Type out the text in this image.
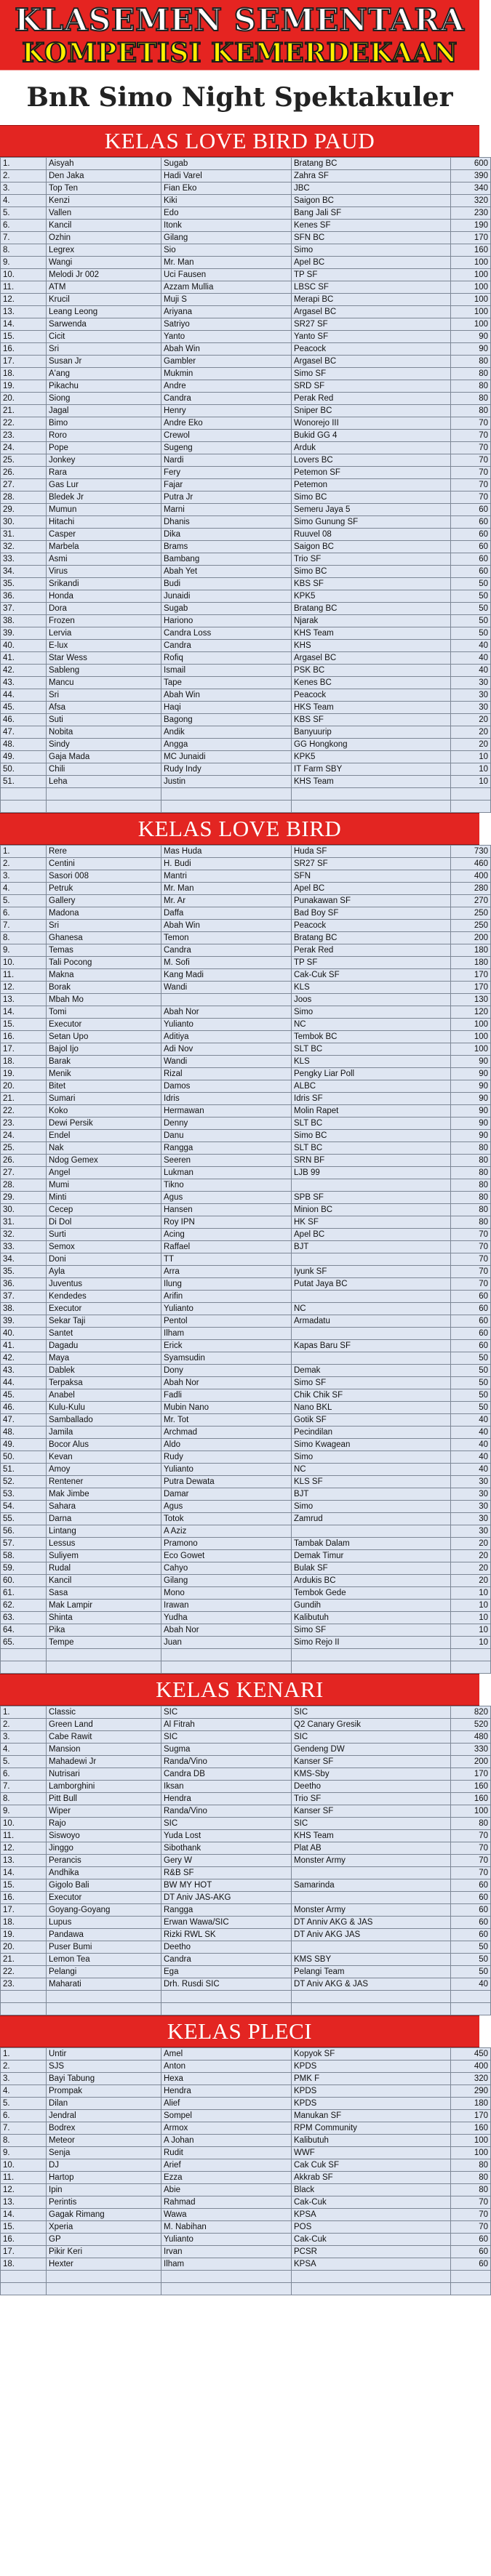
KLASEMEN SEMENTARA
KOMPETISI KEMERDEKAAN
BnR Simo Night Spektakuler
KELAS LOVE BIRD PAUD
1.	Aisyah	Sugab	Bratang BC	600
2.	Den Jaka	Hadi Varel	Zahra SF	390
3.	Top Ten	Fian Eko	JBC	340
4.	Kenzi	Kiki	Saigon BC	320
5.	Vallen	Edo	Bang Jali SF	230
6.	Kancil	Itonk	Kenes SF	190
7.	Ozhin	Gilang	SFN BC	170
8.	Legrex	Sio	Simo	160
9.	Wangi	Mr. Man	Apel BC	100
10.	Melodi Jr 002	Uci Fausen	TP SF	100
11.	ATM	Azzam Mullia	LBSC SF	100
12.	Krucil	Muji S	Merapi BC	100
13.	Leang Leong	Ariyana	Argasel BC	100
14.	Sarwenda	Satriyo	SR27 SF	100
15.	Cicit	Yanto	Yanto SF	90
16.	Sri	Abah Win	Peacock	90
17.	Susan Jr	Gambler	Argasel BC	80
18.	A'ang	Mukmin	Simo SF	80
19.	Pikachu	Andre	SRD SF	80
20.	Siong	Candra	Perak Red	80
21.	Jagal	Henry	Sniper BC	80
22.	Bimo	Andre Eko	Wonorejo III	70
23.	Roro	Crewol	Bukid GG 4	70
24.	Pope	Sugeng	Arduk	70
25.	Jonkey	Nardi	Lovers BC	70
26.	Rara	Fery	Petemon SF	70
27.	Gas Lur	Fajar	Petemon	70
28.	Bledek Jr	Putra Jr	Simo BC	70
29.	Mumun	Marni	Semeru Jaya 5	60
30.	Hitachi	Dhanis	Simo Gunung SF	60
31.	Casper	Dika	Ruuvel 08	60
32.	Marbela	Brams	Saigon BC	60
33.	Asmi	Bambang	Trio SF	60
34.	Virus	Abah Yet	Simo BC	60
35.	Srikandi	Budi	KBS SF	50
36.	Honda	Junaidi	KPK5	50
37.	Dora	Sugab	Bratang BC	50
38.	Frozen	Hariono	Njarak	50
39.	Lervia	Candra Loss	KHS Team	50
40.	E-lux	Candra	KHS	40
41.	Star Wess	Rofiq	Argasel BC	40
42.	Sableng	Ismail	PSK BC	40
43.	Mancu	Tape	Kenes BC	30
44.	Sri	Abah Win	Peacock	30
45.	Afsa	Haqi	HKS Team	30
46.	Suti	Bagong	KBS SF	20
47.	Nobita	Andik	Banyuurip	20
48.	Sindy	Angga	GG Hongkong	20
49.	Gaja Mada	MC Junaidi	KPK5	10
50.	Chili	Rudy Indy	IT Farm SBY	10
51.	Leha	Justin	KHS Team	10

KELAS LOVE BIRD
1.	Rere	Mas Huda	Huda SF	730
2.	Centini	H. Budi	SR27 SF	460
3.	Sasori 008	Mantri	SFN	400
4.	Petruk	Mr. Man	Apel BC	280
5.	Gallery	Mr. Ar	Punakawan SF	270
6.	Madona	Daffa	Bad Boy SF	250
7.	Sri	Abah Win	Peacock	250
8.	Ghanesa	Temon	Bratang BC	200
9.	Temas	Candra	Perak Red	180
10.	Tali Pocong	M. Sofi	TP SF	180
11.	Makna	Kang Madi	Cak-Cuk SF	170
12.	Borak	Wandi	KLS	170
13.	Mbah Mo		Joos	130
14.	Tomi	Abah Nor	Simo	120
15.	Executor	Yulianto	NC	100
16.	Setan Upo	Aditiya	Tembok BC	100
17.	Bajol Ijo	Adi Nov	SLT BC	100
18.	Barak	Wandi	KLS	90
19.	Menik	Rizal	Pengky Liar Poll	90
20.	Bitet	Damos	ALBC	90
21.	Sumari	Idris	Idris SF	90
22.	Koko	Hermawan	Molin Rapet	90
23.	Dewi Persik	Denny	SLT BC	90
24.	Endel	Danu	Simo BC	90
25.	Nak	Rangga	SLT BC	80
26.	Ndog Gemex	Seeren	SRN BF	80
27.	Angel	Lukman	LJB 99	80
28.	Mumi	Tikno		80
29.	Minti	Agus	SPB SF	80
30.	Cecep	Hansen	Minion BC	80
31.	Di Dol	Roy IPN	HK SF	80
32.	Surti	Acing	Apel BC	70
33.	Semox	Raffael	BJT	70
34.	Doni	TT		70
35.	Ayla	Arra	Iyunk SF	70
36.	Juventus	Ilung	Putat Jaya BC	70
37.	Kendedes	Arifin		60
38.	Executor	Yulianto	NC	60
39.	Sekar Taji	Pentol	Armadatu	60
40.	Santet	Ilham		60
41.	Dagadu	Erick	Kapas Baru SF	60
42.	Maya	Syamsudin		50
43.	Dablek	Dony	Demak	50
44.	Terpaksa	Abah Nor	Simo SF	50
45.	Anabel	Fadli	Chik Chik SF	50
46.	Kulu-Kulu	Mubin Nano	Nano BKL	50
47.	Samballado	Mr. Tot	Gotik SF	40
48.	Jamila	Archmad	Pecindilan	40
49.	Bocor Alus	Aldo	Simo Kwagean	40
50.	Kevan	Rudy	Simo	40
51.	Amoy	Yulianto	NC	40
52.	Rentener	Putra Dewata	KLS SF	30
53.	Mak Jimbe	Damar	BJT	30
54.	Sahara	Agus	Simo	30
55.	Darna	Totok	Zamrud	30
56.	Lintang	A Aziz		30
57.	Lessus	Pramono	Tambak Dalam	20
58.	Suliyem	Eco Gowet	Demak Timur	20
59.	Rudal	Cahyo	Bulak SF	20
60.	Kancil	Gilang	Ardukis BC	20
61.	Sasa	Mono	Tembok Gede	10
62.	Mak Lampir	Irawan	Gundih	10
63.	Shinta	Yudha	Kalibutuh	10
64.	Pika	Abah Nor	Simo SF	10
65.	Tempe	Juan	Simo Rejo II	10

KELAS KENARI
1.	Classic	SIC	SIC	820
2.	Green Land	Al Fitrah	Q2 Canary Gresik	520
3.	Cabe Rawit	SIC	SIC	480
4.	Mansion	Sugma	Gendeng DW	330
5.	Mahadewi Jr	Randa/Vino	Kanser SF	200
6.	Nutrisari	Candra DB	KMS-Sby	170
7.	Lamborghini	Iksan	Deetho	160
8.	Pitt Bull	Hendra	Trio SF	160
9.	Wiper	Randa/Vino	Kanser SF	100
10.	Rajo	SIC	SIC	80
11.	Siswoyo	Yuda Lost	KHS Team	70
12.	Jinggo	Sibothank	Plat AB	70
13.	Perancis	Gery W	Monster Army	70
14.	Andhika	R&B SF		70
15.	Gigolo Bali	BW MY HOT	Samarinda	60
16.	Executor	DT Aniv JAS-AKG		60
17.	Goyang-Goyang	Rangga	Monster Army	60
18.	Lupus	Erwan Wawa/SIC	DT Anniv AKG & JAS	60
19.	Pandawa	Rizki RWL SK	DT Aniv AKG JAS	60
20.	Puser Bumi	Deetho		50
21.	Lemon Tea	Candra	KMS SBY	50
22.	Pelangi	Ega	Pelangi Team	50
23.	Maharati	Drh. Rusdi SIC	DT Aniv AKG & JAS	40

KELAS PLECI
1.	Untir	Amel	Kopyok SF	450
2.	SJS	Anton	KPDS	400
3.	Bayi Tabung	Hexa	PMK F	320
4.	Prompak	Hendra	KPDS	290
5.	Dilan	Alief	KPDS	180
6.	Jendral	Sompel	Manukan SF	170
7.	Bodrex	Armox	RPM Community	160
8.	Meteor	A Johan	Kalibutuh	100
9.	Senja	Rudit	WWF	100
10.	DJ	Arief	Cak Cuk SF	80
11.	Hartop	Ezza	Akkrab SF	80
12.	Ipin	Abie	Black	80
13.	Perintis	Rahmad	Cak-Cuk	70
14.	Gagak Rimang	Wawa	KPSA	70
15.	Xperia	M. Nabihan	POS	70
16.	GP	Yulianto	Cak-Cuk	60
17.	Pikir Keri	Irvan	PCSR	60
18.	Hexter	Ilham	KPSA	60
